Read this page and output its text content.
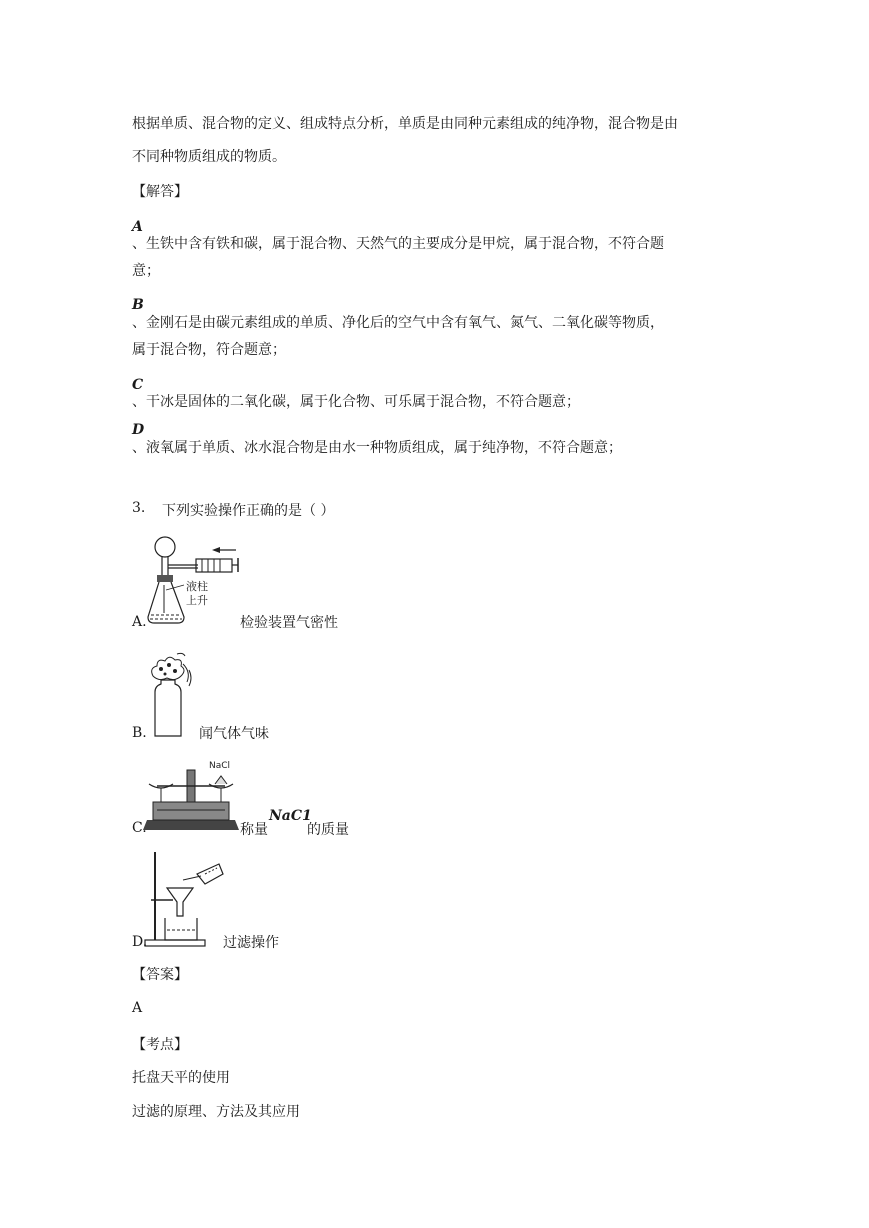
根据单质、混合物的定义、组成特点分析，单质是由同种元素组成的纯净物，混合物是由
不同种物质组成的物质。
【解答】
A
、生铁中含有铁和碳，属于混合物、天然气的主要成分是甲烷，属于混合物，不符合题
意；
B
、金刚石是由碳元素组成的单质、净化后的空气中含有氧气、氮气、二氧化碳等物质，
属于混合物，符合题意；
C
、干冰是固体的二氧化碳，属于化合物、可乐属于混合物，不符合题意；
D
、液氧属于单质、冰水混合物是由水一种物质组成，属于纯净物，不符合题意；
3. 下列实验操作正确的是（ ）
液柱
上升
A.	检验装置气密性
B.	闻气体气味
NaCl
C.	称量
NaC1
的质量
D.	过滤操作
【答案】
A
【考点】
托盘天平的使用
过滤的原理、方法及其应用
